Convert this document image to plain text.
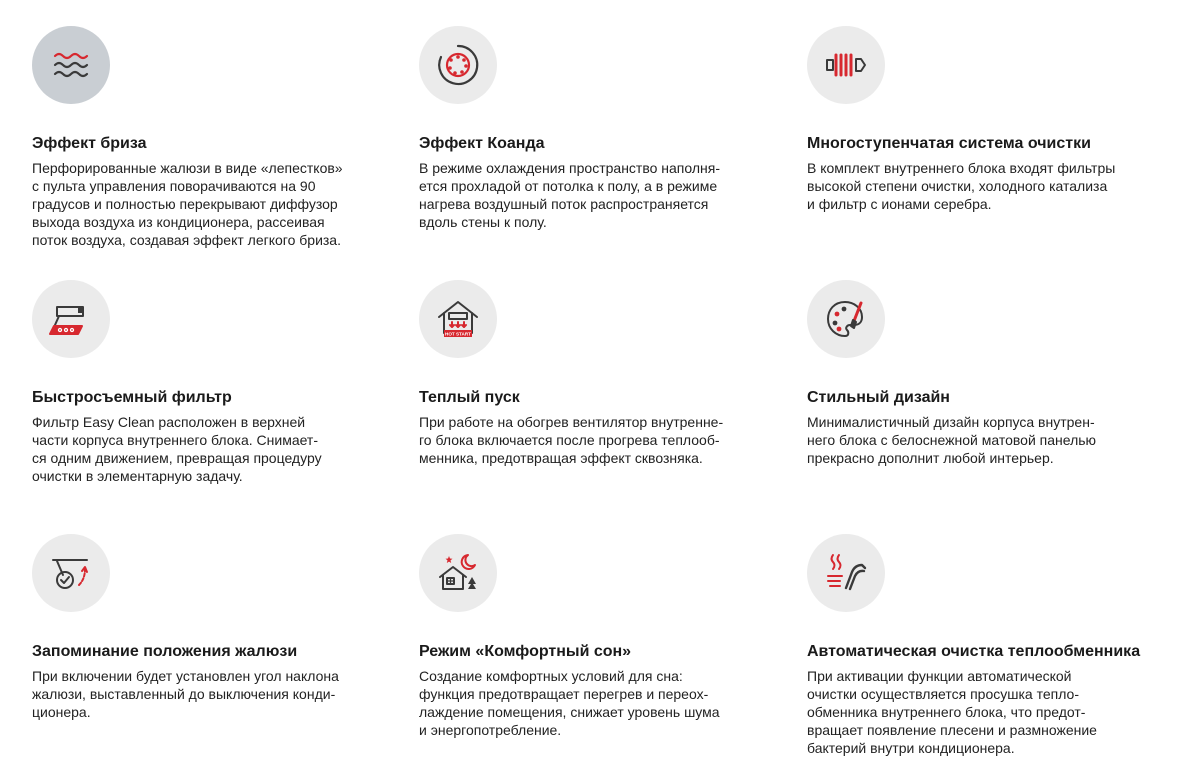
Эффект бриза
Перфорированные жалюзи в виде «лепестков»
с пульта управления поворачиваются на 90
градусов и полностью перекрывают диффузор
выхода воздуха из кондиционера, рассеивая
поток воздуха, создавая эффект легкого бриза.
Эффект Коанда
В режиме охлаждения пространство наполня-
ется прохладой от потолка к полу, а в режиме
нагрева воздушный поток распространяется
вдоль стены к полу.
Многоступенчатая система очистки
В комплект внутреннего блока входят фильтры
высокой степени очистки, холодного катализа
и фильтр с ионами серебра.
Быстросъемный фильтр
Фильтр Easy Clean расположен в верхней
части корпуса внутреннего блока. Снимает-
ся одним движением, превращая процедуру
очистки в элементарную задачу.
HOT START
Теплый пуск
При работе на обогрев вентилятор внутренне-
го блока включается после прогрева теплооб-
менника, предотвращая эффект сквозняка.
Стильный дизайн
Минималистичный дизайн корпуса внутрен-
него блока с белоснежной матовой панелью
прекрасно дополнит любой интерьер.
Запоминание положения жалюзи
При включении будет установлен угол наклона
жалюзи, выставленный до выключения конди-
ционера.
Режим «Комфортный сон»
Создание комфортных условий для сна:
функция предотвращает перегрев и переох-
лаждение помещения, снижает уровень шума
и энергопотребление.
Автоматическая очистка теплообменника
При активации функции автоматической
очистки осуществляется просушка тепло-
обменника внутреннего блока, что предот-
вращает появление плесени и размножение
бактерий внутри кондиционера.
